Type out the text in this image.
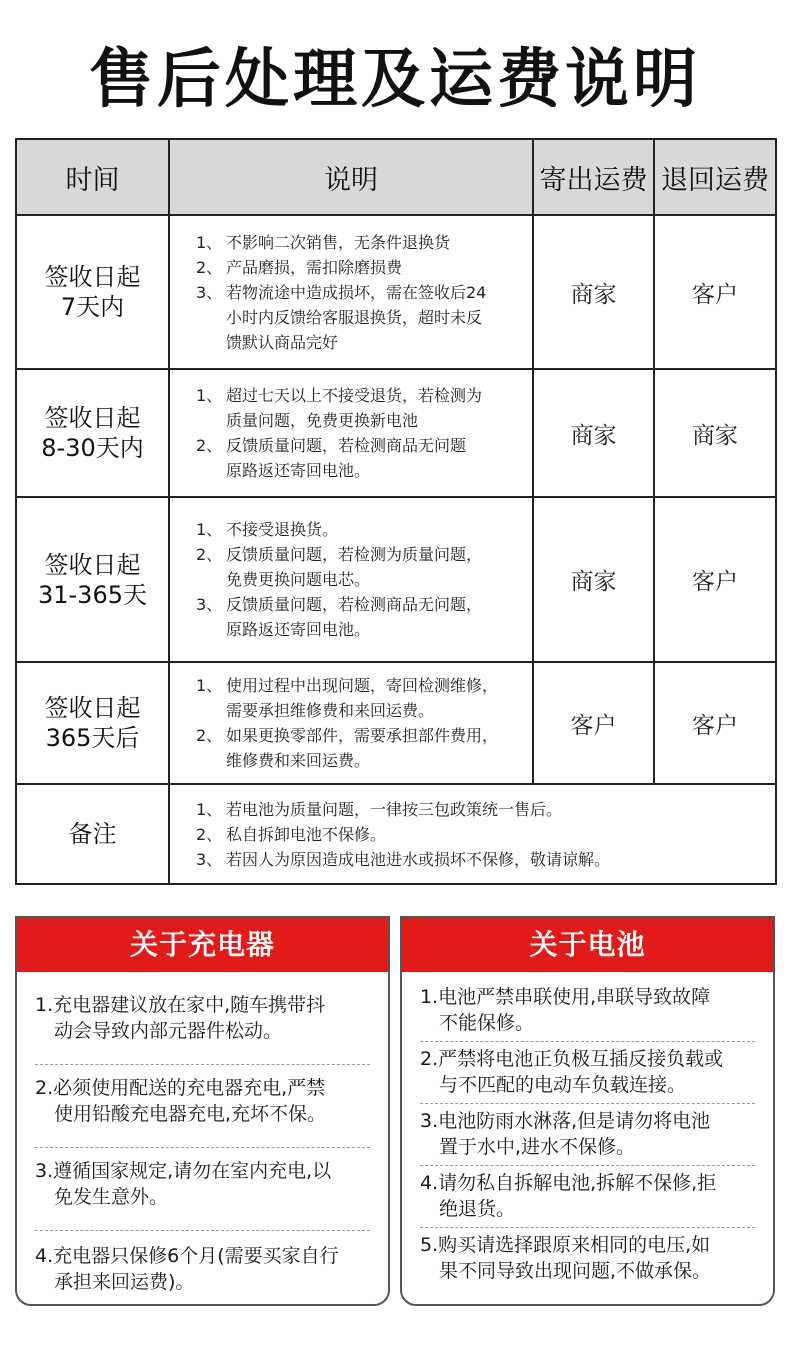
售后处理及运费说明
时间	说明	寄出运费	退回运费

签收日起
7天内	1、 不影响二次销售，无条件退换货
2、 产品磨损，需扣除磨损费
3、 若物流途中造成损坏，需在签收后24
小时内反馈给客服退换货，超时未反
馈默认商品完好	商家	客户

签收日起
8-30天内	1、 超过七天以上不接受退货，若检测为
质量问题，免费更换新电池
2、 反馈质量问题，若检测商品无问题
原路返还寄回电池。	商家	商家

签收日起
31-365天	1、 不接受退换货。
2、 反馈质量问题，若检测为质量问题，
免费更换问题电芯。
3、 反馈质量问题，若检测商品无问题，
原路返还寄回电池。	商家	客户

签收日起
365天后	1、 使用过程中出现问题，寄回检测维修，
需要承担维修费和来回运费。
2、 如果更换零部件，需要承担部件费用，
维修费和来回运费。	客户	客户
备注	1、 若电池为质量问题，一律按三包政策统一售后。
2、 私自拆卸电池不保修。
3、 若因人为原因造成电池进水或损坏不保修，敬请谅解。		
关于充电器
1.充电器建议放在家中,随车携带抖
动会导致内部元器件松动。
2.必须使用配送的充电器充电,严禁
使用铅酸充电器充电,充坏不保。
3.遵循国家规定,请勿在室内充电,以
免发生意外。
4.充电器只保修6个月(需要买家自行
承担来回运费)。
关于电池
1.电池严禁串联使用,串联导致故障
不能保修。
2.严禁将电池正负极互插反接负载或
与不匹配的电动车负载连接。
3.电池防雨水淋落,但是请勿将电池
置于水中,进水不保修。
4.请勿私自拆解电池,拆解不保修,拒
绝退货。
5.购买请选择跟原来相同的电压,如
果不同导致出现问题,不做承保。
